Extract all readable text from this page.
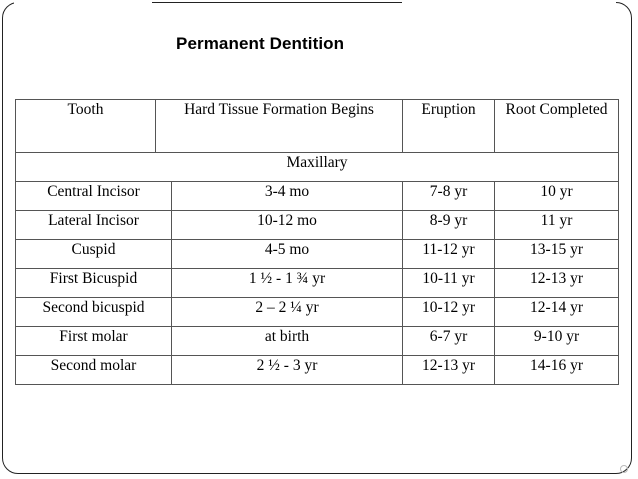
Permanent Dentition
Tooth	Hard Tissue Formation Begins		Eruption	Root Completed
Maxillary				
Central Incisor		3-4 mo	7-8 yr	10 yr
Lateral Incisor		10-12 mo	8-9 yr	11 yr
Cuspid		4-5 mo	11-12 yr	13-15 yr
First Bicuspid		1 ½ - 1 ¾ yr	10-11 yr	12-13 yr
Second bicuspid		2 – 2 ¼ yr	10-12 yr	12-14 yr
First molar		at birth	6-7 yr	9-10 yr
Second molar		2 ½ - 3 yr	12-13 yr	14-16 yr
